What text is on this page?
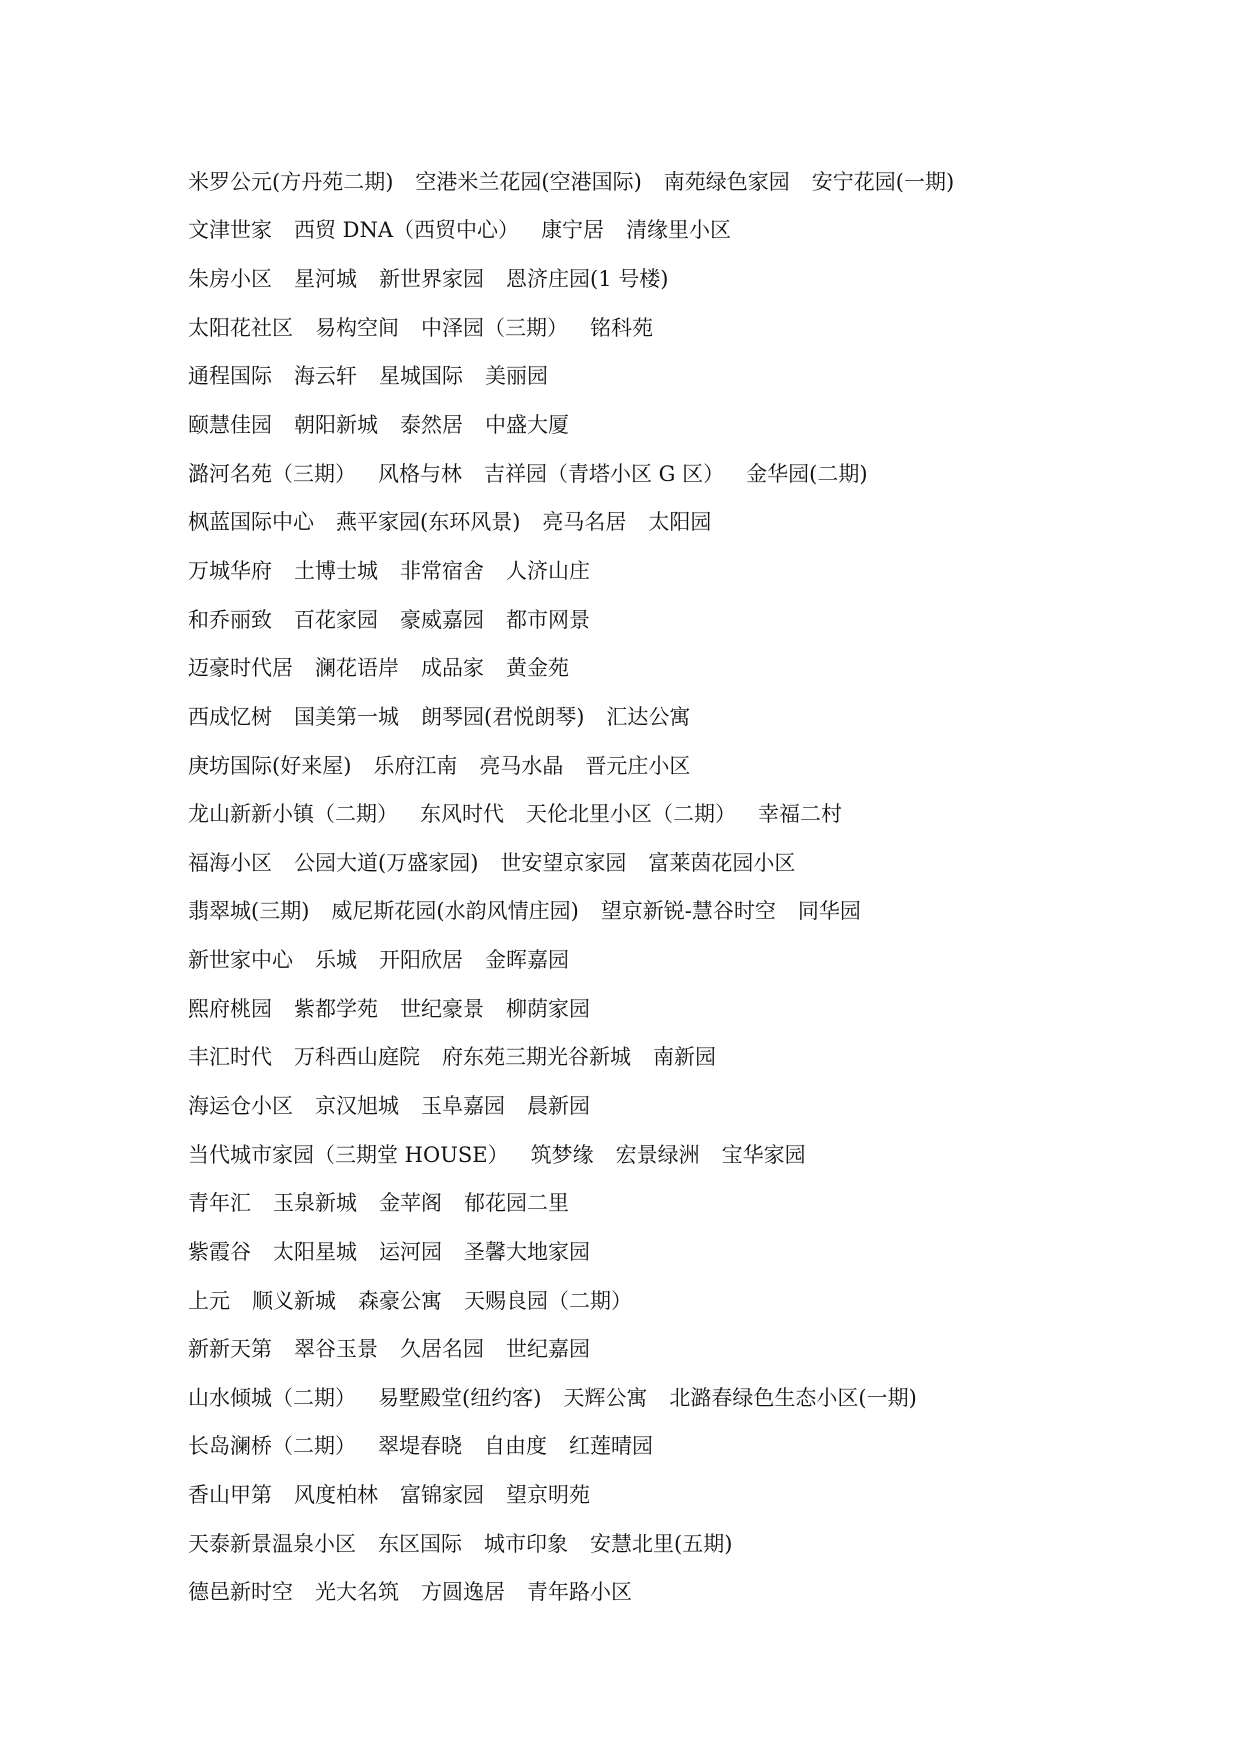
米罗公元(方丹苑二期) 空港米兰花园(空港国际) 南苑绿色家园 安宁花园(一期)
文津世家 西贸 DNA（西贸中心） 康宁居 清缘里小区
朱房小区 星河城 新世界家园 恩济庄园(1 号楼)
太阳花社区 易构空间 中泽园（三期） 铭科苑
通程国际 海云轩 星城国际 美丽园
颐慧佳园 朝阳新城 泰然居 中盛大厦
潞河名苑（三期） 风格与林 吉祥园（青塔小区 G 区） 金华园(二期)
枫蓝国际中心 燕平家园(东环风景) 亮马名居 太阳园
万城华府 土博士城 非常宿舍 人济山庄
和乔丽致 百花家园 豪威嘉园 都市网景
迈豪时代居 澜花语岸 成品家 黄金苑
西成忆树 国美第一城 朗琴园(君悦朗琴) 汇达公寓
庚坊国际(好来屋) 乐府江南 亮马水晶 晋元庄小区
龙山新新小镇（二期） 东风时代 天伦北里小区（二期） 幸福二村
福海小区 公园大道(万盛家园) 世安望京家园 富莱茵花园小区
翡翠城(三期) 威尼斯花园(水韵风情庄园) 望京新锐-慧谷时空 同华园
新世家中心 乐城 开阳欣居 金晖嘉园
熙府桃园 紫都学苑 世纪豪景 柳荫家园
丰汇时代 万科西山庭院 府东苑三期光谷新城 南新园
海运仓小区 京汉旭城 玉阜嘉园 晨新园
当代城市家园（三期堂 HOUSE） 筑梦缘 宏景绿洲 宝华家园
青年汇 玉泉新城 金苹阁 郁花园二里
紫霞谷 太阳星城 运河园 圣馨大地家园
上元 顺义新城 森豪公寓 天赐良园（二期）
新新天第 翠谷玉景 久居名园 世纪嘉园
山水倾城（二期） 易墅殿堂(纽约客) 天辉公寓 北潞春绿色生态小区(一期)
长岛澜桥（二期） 翠堤春晓 自由度 红莲晴园
香山甲第 风度柏林 富锦家园 望京明苑
天泰新景温泉小区 东区国际 城市印象 安慧北里(五期)
德邑新时空 光大名筑 方圆逸居 青年路小区
